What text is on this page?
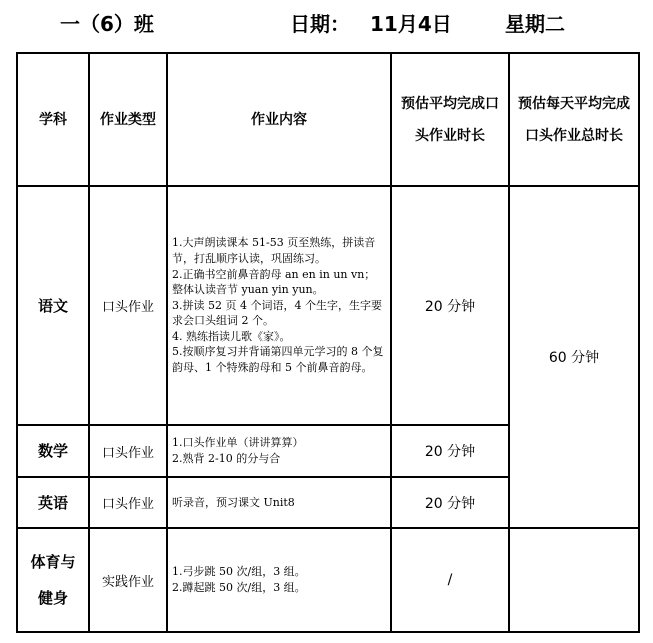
一（6）班	日期： 11月4日	星期二
学科	作业类型	作业内容	预估平均完成口头作业时长	预估每天平均完成口头作业总时长
语文	口头作业	1.大声朗读课本 51-53 页至熟练，拼读音节，打乱顺序认读，巩固练习。
2.正确书空前鼻音韵母 an en in un vn；整体认读音节 yuan yin yun。
3.拼读 52 页 4 个词语，4 个生字，生字要求会口头组词 2 个。
4. 熟练指读儿歌《家》。
5.按顺序复习并背诵第四单元学习的 8 个复韵母、1 个特殊韵母和 5 个前鼻音韵母。	20 分钟	60 分钟
数学	口头作业	1.口头作业单（讲讲算算）
2.熟背 2-10 的分与合	20 分钟	
英语	口头作业	听录音，预习课文 Unit8	20 分钟	
体育与健身	实践作业	1.弓步跳 50 次/组，3 组。
2.蹲起跳 50 次/组，3 组。	/	
